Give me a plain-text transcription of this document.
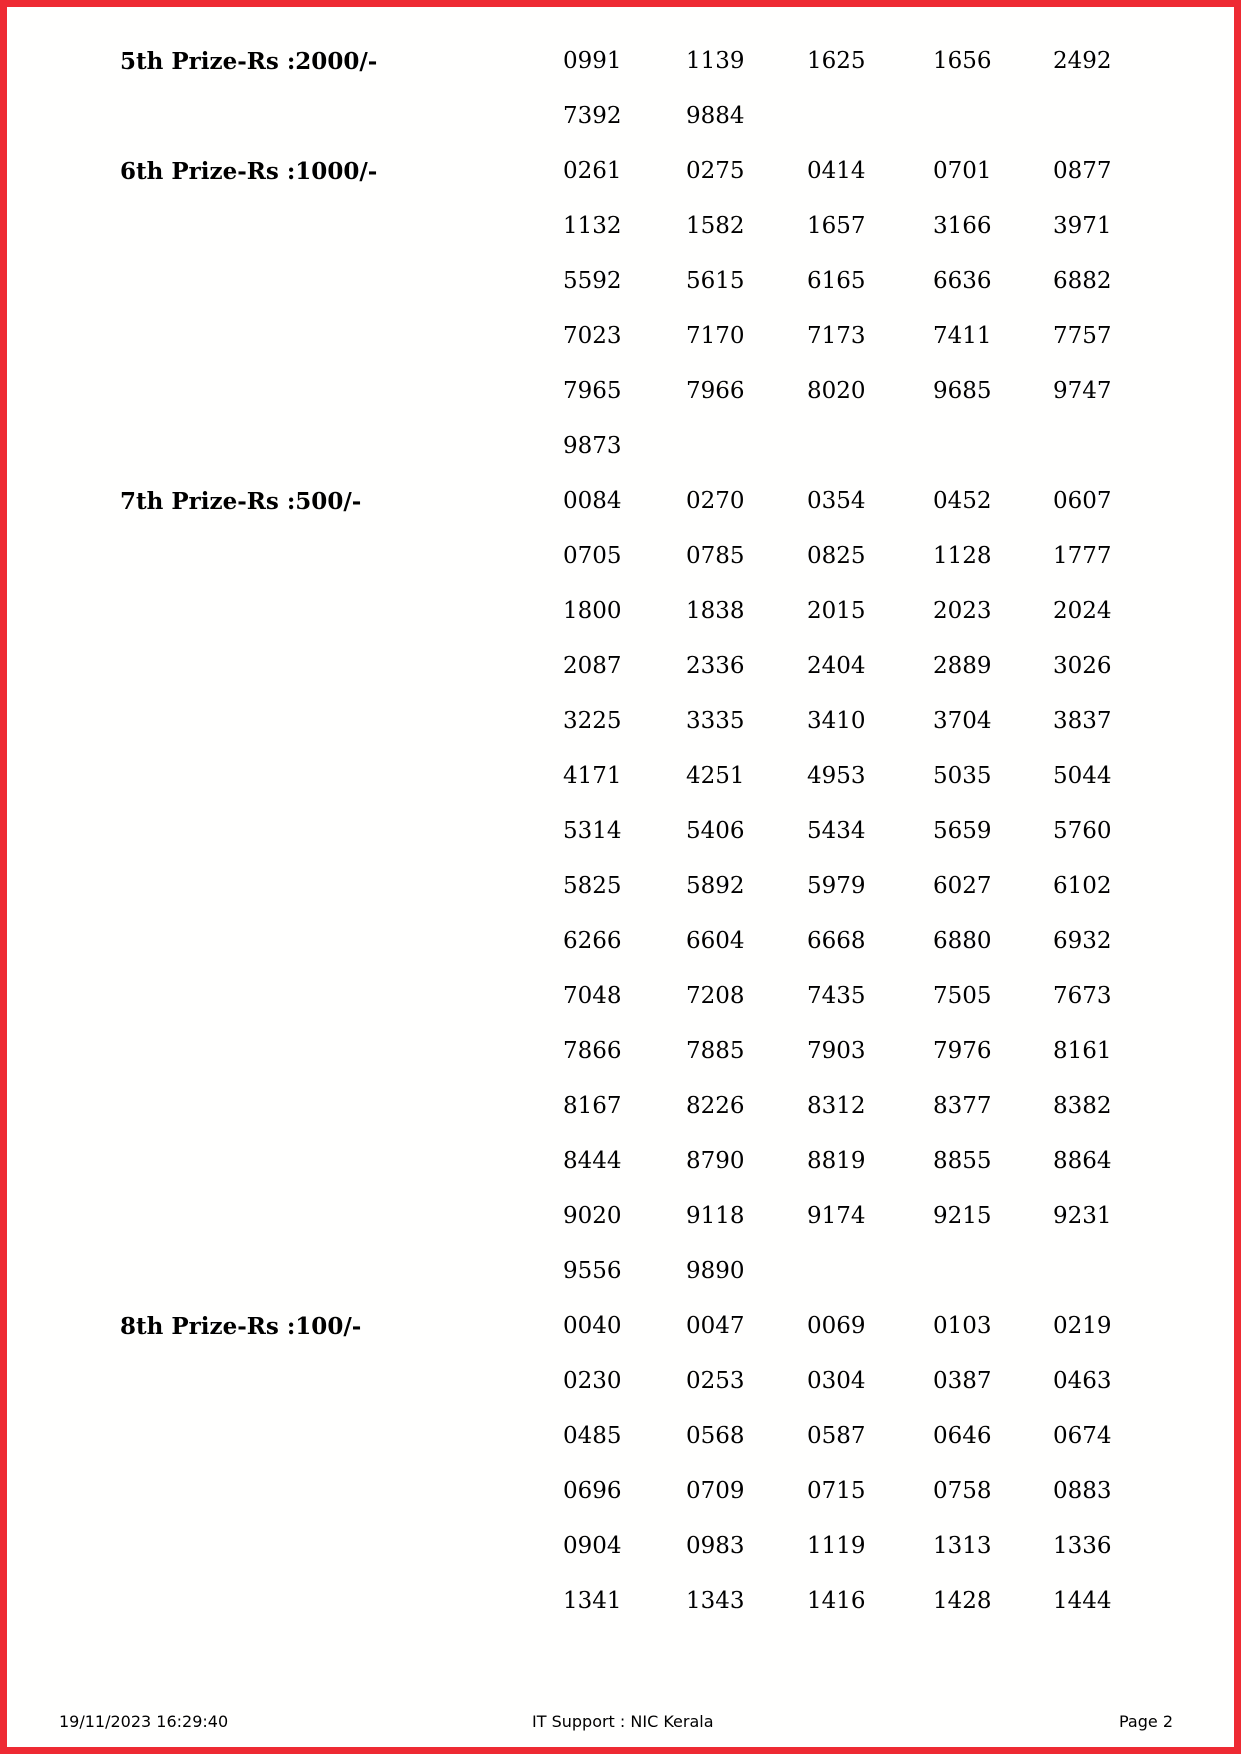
5th Prize-Rs :2000/-	0991	1139	1625	1656	2492
7392	9884
6th Prize-Rs :1000/-	0261	0275	0414	0701	0877
1132	1582	1657	3166	3971
5592	5615	6165	6636	6882
7023	7170	7173	7411	7757
7965	7966	8020	9685	9747
9873
7th Prize-Rs :500/-	0084	0270	0354	0452	0607
0705	0785	0825	1128	1777
1800	1838	2015	2023	2024
2087	2336	2404	2889	3026
3225	3335	3410	3704	3837
4171	4251	4953	5035	5044
5314	5406	5434	5659	5760
5825	5892	5979	6027	6102
6266	6604	6668	6880	6932
7048	7208	7435	7505	7673
7866	7885	7903	7976	8161
8167	8226	8312	8377	8382
8444	8790	8819	8855	8864
9020	9118	9174	9215	9231
9556	9890
8th Prize-Rs :100/-	0040	0047	0069	0103	0219
0230	0253	0304	0387	0463
0485	0568	0587	0646	0674
0696	0709	0715	0758	0883
0904	0983	1119	1313	1336
1341	1343	1416	1428	1444
19/11/2023 16:29:40	IT Support : NIC Kerala	Page 2
